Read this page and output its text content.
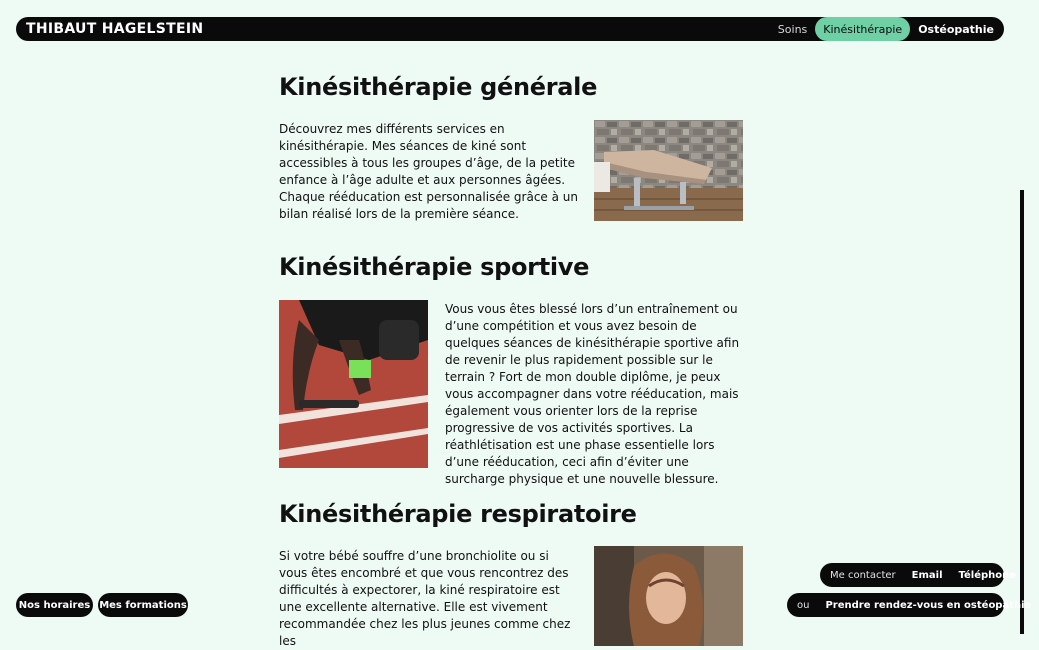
THIBAUT HAGELSTEIN	Soins	Kinésithérapie	Ostéopathie
Kinésithérapie générale

Découvrez mes différents services en kinésithérapie. Mes séances de kiné sont accessibles à tous les groupes d’âge, de la petite enfance à l’âge adulte et aux personnes âgées. Chaque rééducation est personnalisée grâce à un bilan réalisé lors de la première séance.

Kinésithérapie sportive

Vous vous êtes blessé lors d’un entraînement ou d’une compétition et vous avez besoin de quelques séances de kinésithérapie sportive afin de revenir le plus rapidement possible sur le terrain ? Fort de mon double diplôme, je peux vous accompagner dans votre rééducation, mais également vous orienter lors de la reprise progressive de vos activités sportives. La réathlétisation est une phase essentielle lors d’une rééducation, ceci afin d’éviter une surcharge physique et une nouvelle blessure.

Kinésithérapie respiratoire

Si votre bébé souffre d’une bronchiolite ou si vous êtes encombré et que vous rencontrez des difficultés à expectorer, la kiné respiratoire est une excellente alternative. Elle est vivement recommandée chez les plus jeunes comme chez les

Nos horaires Mes formations
Me contacter	Email	Téléphone
ou	Prendre rendez-vous en ostéopathie
